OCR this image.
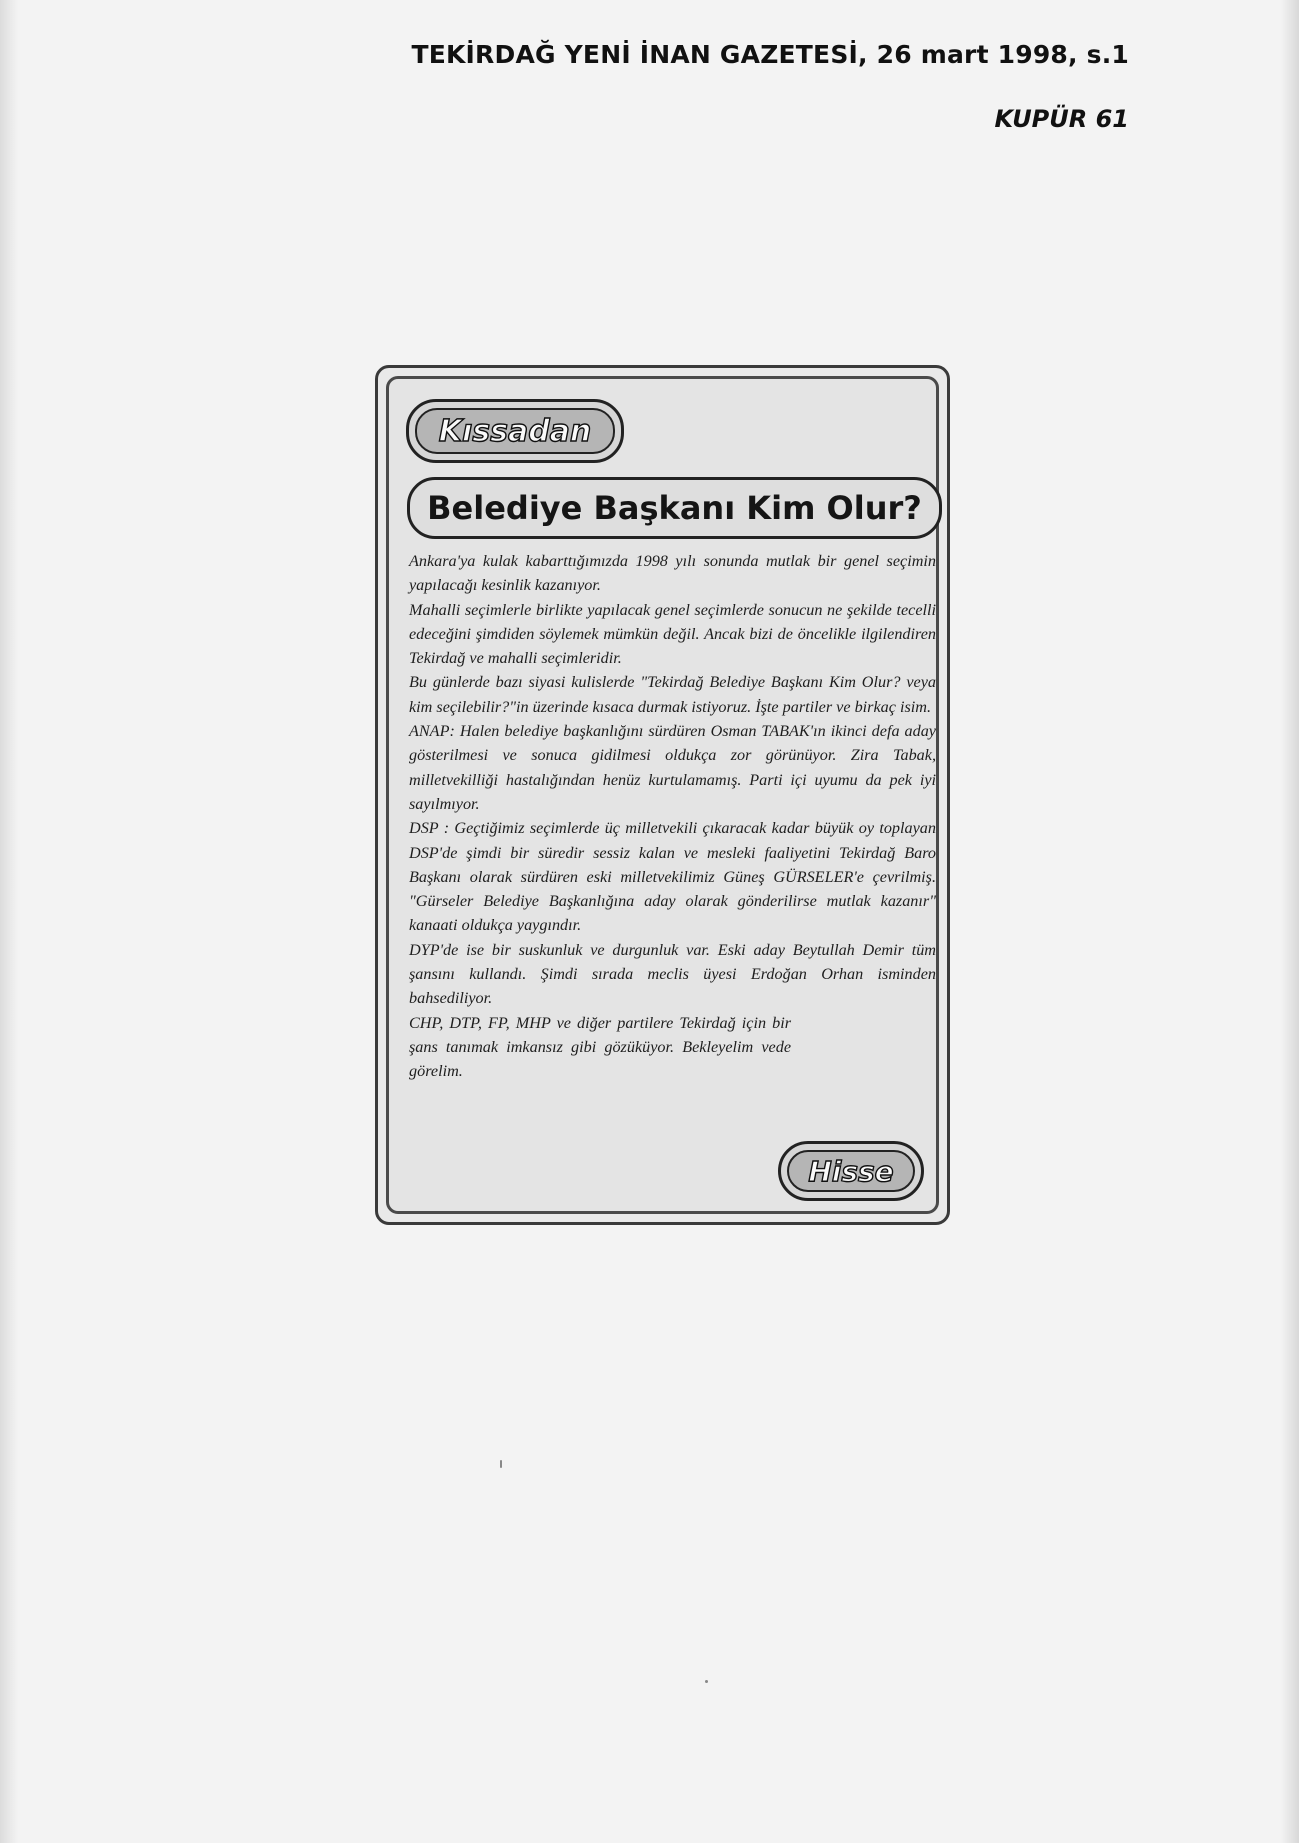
TEKİRDAĞ YENİ İNAN GAZETESİ, 26 mart 1998, s.1
KUPÜR 61
Kıssadan
Belediye Başkanı Kim Olur?

Ankara'ya kulak kabarttığımızda 1998 yılı sonunda mutlak bir genel seçimin yapılacağı kesinlik kazanıyor.

Mahalli seçimlerle birlikte yapılacak genel seçimlerde sonucun ne şekilde tecelli edeceğini şimdiden söylemek mümkün değil. Ancak bizi de öncelikle ilgilendiren Tekirdağ ve mahalli seçimleridir.

Bu günlerde bazı siyasi kulislerde "Tekirdağ Belediye Başkanı Kim Olur? veya kim seçilebilir?"in üzerinde kısaca durmak istiyoruz. İşte partiler ve birkaç isim.

ANAP: Halen belediye başkanlığını sürdüren Osman TABAK'ın ikinci defa aday gösterilmesi ve sonuca gidilmesi oldukça zor görünüyor. Zira Tabak, milletvekilliği hastalığından henüz kurtulamamış. Parti içi uyumu da pek iyi sayılmıyor.

DSP : Geçtiğimiz seçimlerde üç milletvekili çıkaracak kadar büyük oy toplayan DSP'de şimdi bir süredir sessiz kalan ve mesleki faaliyetini Tekirdağ Baro Başkanı olarak sürdüren eski milletvekilimiz Güneş GÜRSELER'e çevrilmiş. "Gürseler Belediye Başkanlığına aday olarak gönderilirse mutlak kazanır" kanaati oldukça yaygındır.

DYP'de ise bir suskunluk ve durgunluk var. Eski aday Beytullah Demir tüm şansını kullandı. Şimdi sırada meclis üyesi Erdoğan Orhan isminden bahsediliyor.

CHP, DTP, FP, MHP ve diğer partilere Tekirdağ için bir şans tanımak imkansız gibi gözüküyor. Bekleyelim vede görelim.

Hisse
